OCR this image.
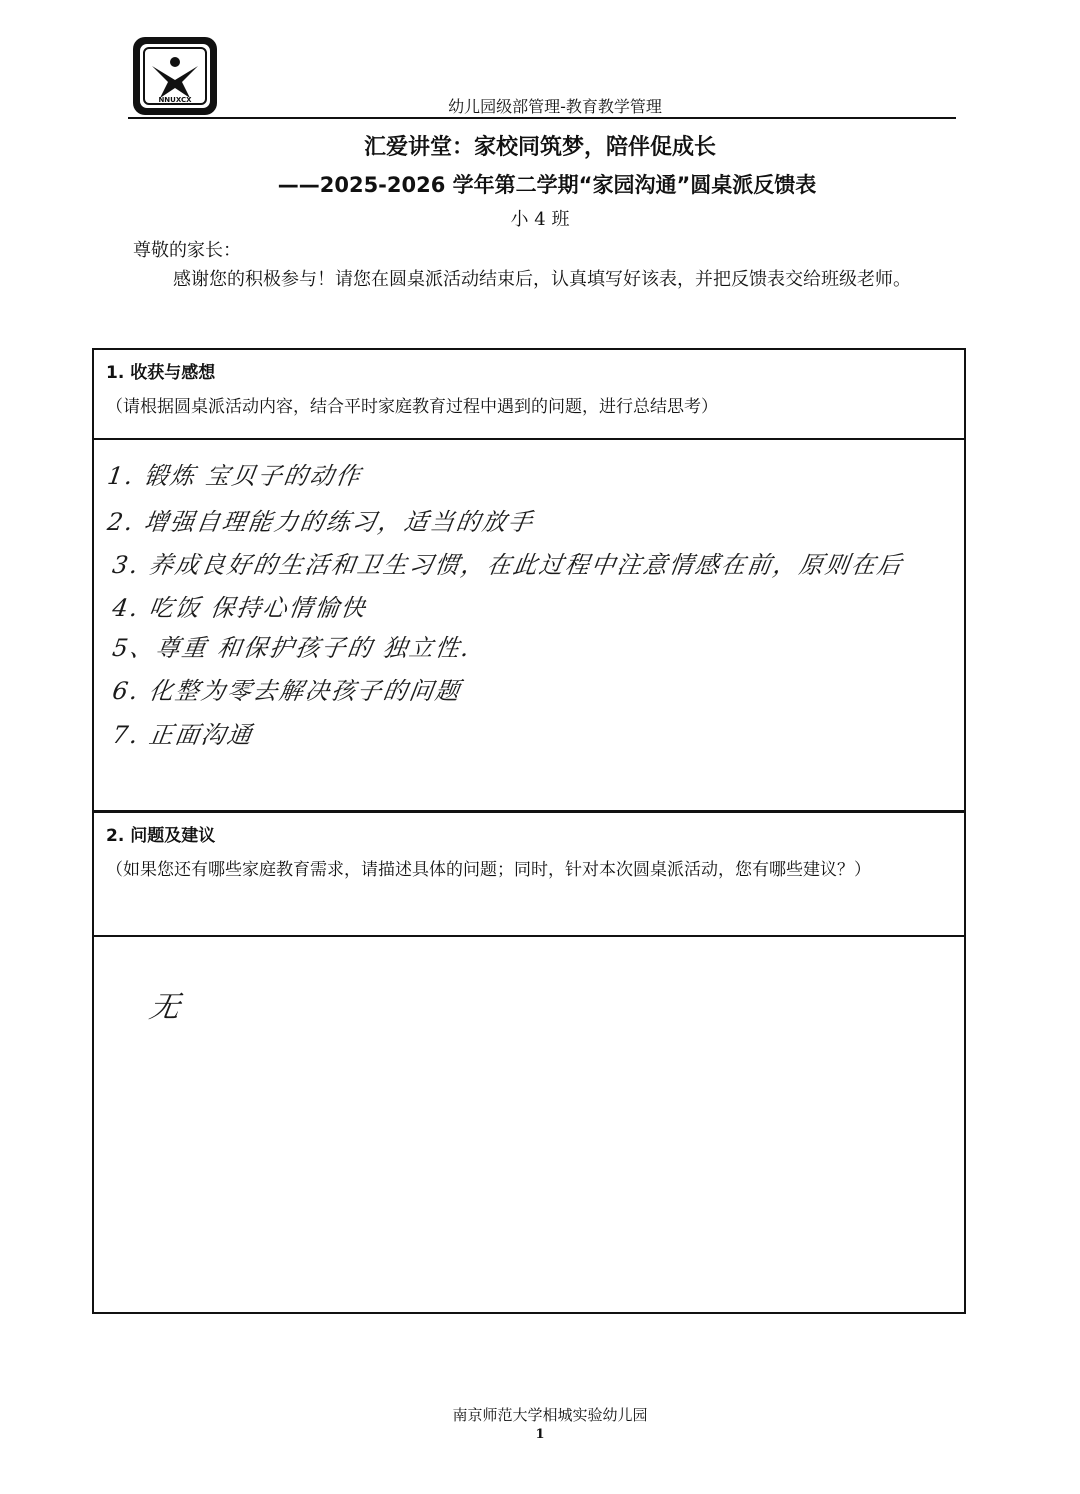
NNUXCX	幼儿园级部管理-教育教学管理
汇爱讲堂：家校同筑梦，陪伴促成长
——2025-2026 学年第二学期“家园沟通”圆桌派反馈表
小 4 班
尊敬的家长：
感谢您的积极参与！请您在圆桌派活动结束后，认真填写好该表，并把反馈表交给班级老师。
1. 收获与感想
（请根据圆桌派活动内容，结合平时家庭教育过程中遇到的问题，进行总结思考）
1. 锻炼 宝贝子的动作
2. 增强自理能力的练习，适当的放手
3. 养成良好的生活和卫生习惯，在此过程中注意情感在前，原则在后
4. 吃饭 保持心情愉快
5、尊重 和保护孩子的 独立性.
6. 化整为零去解决孩子的问题
7. 正面沟通
2. 问题及建议
（如果您还有哪些家庭教育需求，请描述具体的问题；同时，针对本次圆桌派活动，您有哪些建议？）
无
南京师范大学相城实验幼儿园
1
